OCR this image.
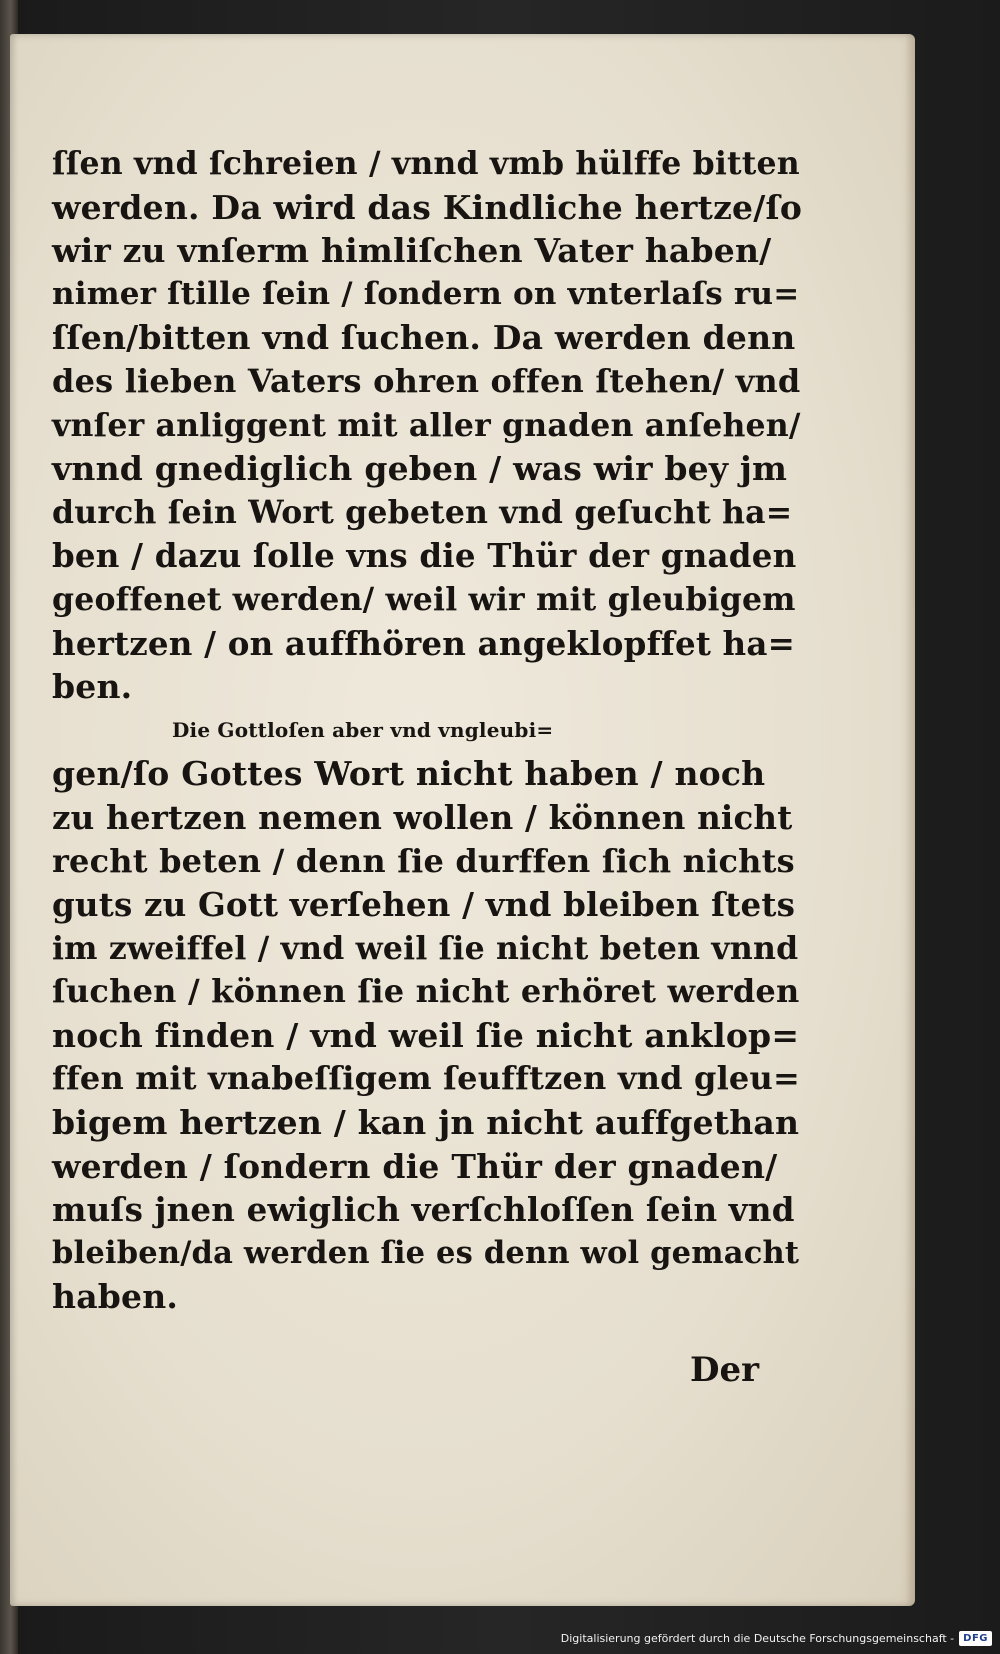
ſſen vnd ſchreien / vnnd vmb hülffe bitten
werden. Da wird das Kindliche hertze/ſo
wir zu vnſerm himliſchen Vater haben/
nimer ſtille ſein / ſondern on vnterlaſs ru=
ſſen/bitten vnd ſuchen. Da werden denn
des lieben Vaters ohren offen ſtehen/ vnd
vnſer anliggent mit aller gnaden anſehen/
vnnd gnediglich geben / was wir bey jm
durch ſein Wort gebeten vnd geſucht ha=
ben / dazu ſolle vns die Thür der gnaden
geoffenet werden/ weil wir mit gleubigem
hertzen / on auffhören angeklopffet ha=
ben.
Die Gottloſen aber vnd vngleubi=
gen/ſo Gottes Wort nicht haben / noch
zu hertzen nemen wollen / können nicht
recht beten / denn ſie durffen ſich nichts
guts zu Gott verſehen / vnd bleiben ſtets
im zweiffel / vnd weil ſie nicht beten vnnd
ſuchen / können ſie nicht erhöret werden
noch finden / vnd weil ſie nicht anklop=
ffen mit vnabeſſigem ſeufftzen vnd gleu=
bigem hertzen / kan jn nicht auffgethan
werden / ſondern die Thür der gnaden/
muſs jnen ewiglich verſchloſſen ſein vnd
bleiben/da werden ſie es denn wol gemacht
haben.
Der
Digitalisierung gefördert durch die Deutsche Forschungsgemeinschaft - DFG
